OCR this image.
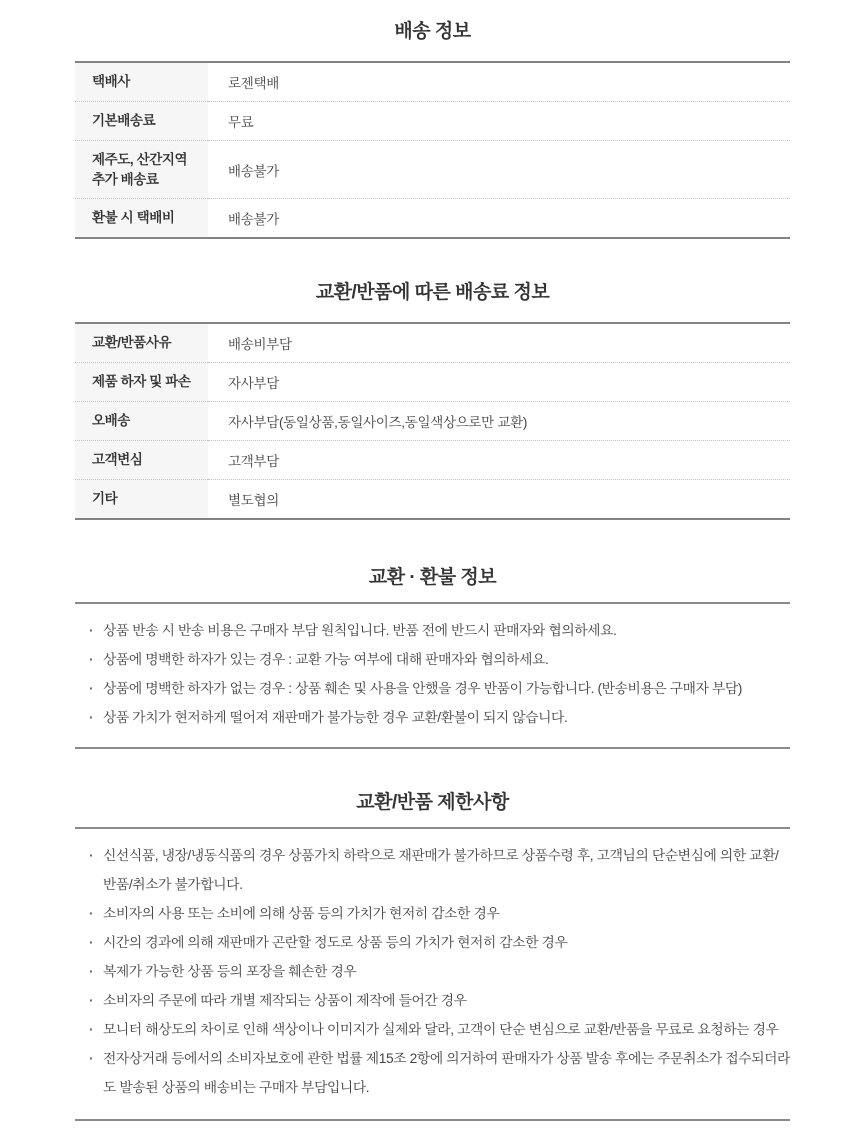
배송 정보
택배사	로젠택배
기본배송료	무료
제주도, 산간지역 추가 배송료	배송불가
환불 시 택배비	배송불가
교환/반품에 따른 배송료 정보
교환/반품사유	배송비부담
제품 하자 및 파손	자사부담
오배송	자사부담(동일상품,동일사이즈,동일색상으로만 교환)
고객변심	고객부담
기타	별도협의
교환 · 환불 정보
· 상품 반송 시 반송 비용은 구매자 부담 원칙입니다. 반품 전에 반드시 판매자와 협의하세요.
· 상품에 명백한 하자가 있는 경우 : 교환 가능 여부에 대해 판매자와 협의하세요.
· 상품에 명백한 하자가 없는 경우 : 상품 훼손 및 사용을 안했을 경우 반품이 가능합니다. (반송비용은 구매자 부담)
· 상품 가치가 현저하게 떨어져 재판매가 불가능한 경우 교환/환불이 되지 않습니다.
교환/반품 제한사항
· 신선식품, 냉장/냉동식품의 경우 상품가치 하락으로 재판매가 불가하므로 상품수령 후, 고객님의 단순변심에 의한 교환/반품/취소가 불가합니다.
· 소비자의 사용 또는 소비에 의해 상품 등의 가치가 현저히 감소한 경우
· 시간의 경과에 의해 재판매가 곤란할 정도로 상품 등의 가치가 현저히 감소한 경우
· 복제가 가능한 상품 등의 포장을 훼손한 경우
· 소비자의 주문에 따라 개별 제작되는 상품이 제작에 들어간 경우
· 모니터 해상도의 차이로 인해 색상이나 이미지가 실제와 달라, 고객이 단순 변심으로 교환/반품을 무료로 요청하는 경우
· 전자상거래 등에서의 소비자보호에 관한 법률 제15조 2항에 의거하여 판매자가 상품 발송 후에는 주문취소가 접수되더라도 발송된 상품의 배송비는 구매자 부담입니다.
